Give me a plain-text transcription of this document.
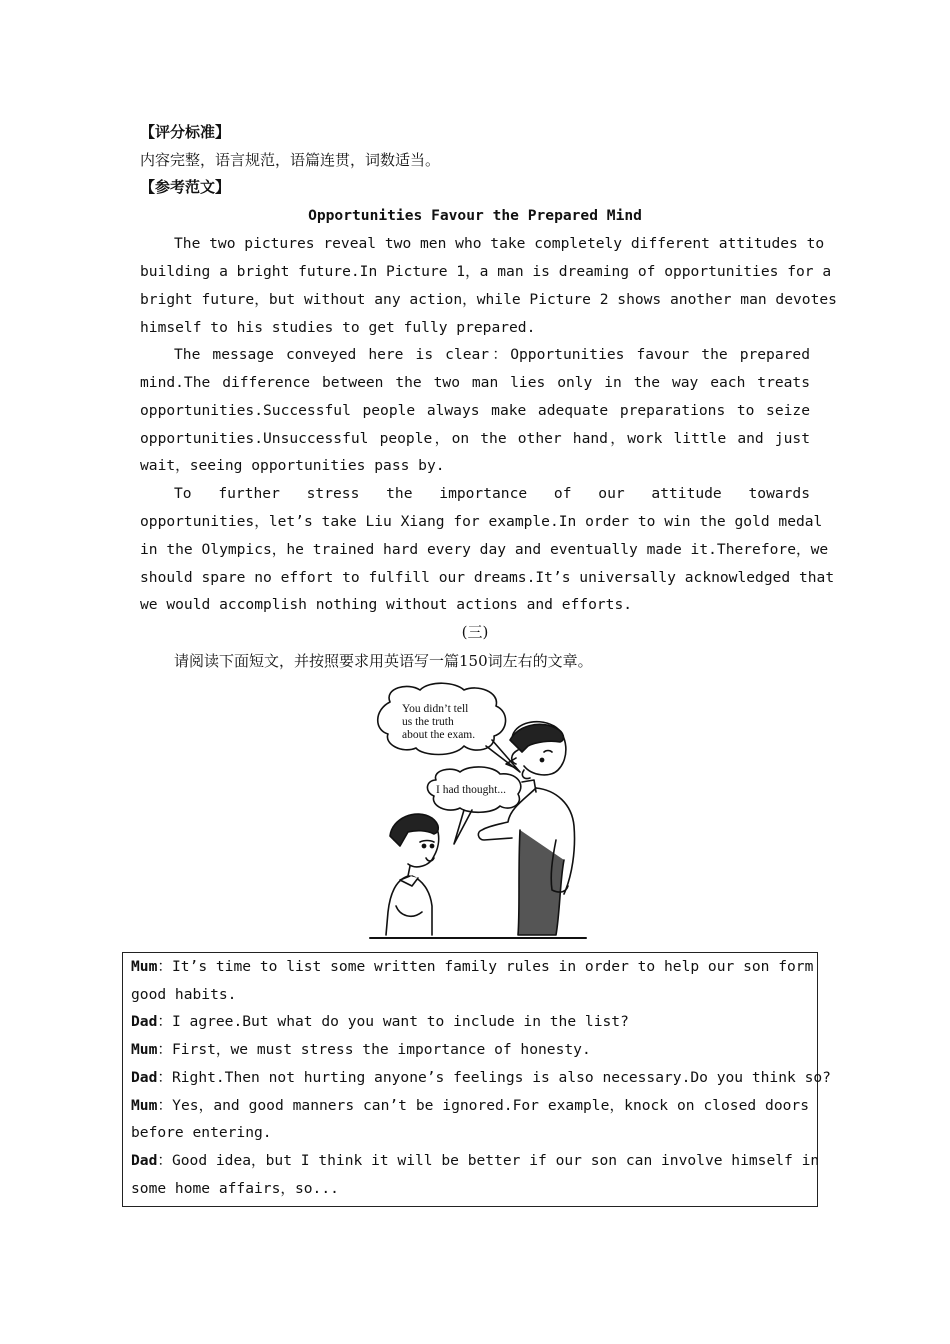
【评分标准】
内容完整，语言规范，语篇连贯，词数适当。
【参考范文】
Opportunities Favour the Prepared Mind
The two pictures reveal two men who take completely different attitudes to
building a bright future.In Picture 1，a man is dreaming of opportunities for a
bright future，but without any action，while Picture 2 shows another man devotes
himself to his studies to get fully prepared.
The message conveyed here is clear：Opportunities favour the prepared
mind.The difference between the two man lies only in the way each treats
opportunities.Successful people always make adequate preparations to seize
opportunities.Unsuccessful people，on the other hand，work little and just
wait，seeing opportunities pass by.
To further stress the importance of our attitude towards
opportunities，let’s take Liu Xiang for example.In order to win the gold medal
in the Olympics，he trained hard every day and eventually made it.Therefore，we
should spare no effort to fulfill our dreams.It’s universally acknowledged that
we would accomplish nothing without actions and efforts.
(三)
请阅读下面短文，并按照要求用英语写一篇150词左右的文章。
You didn’t tell
us the truth
about the exam.
I had thought...
Mum：It’s time to list some written family rules in order to help our son form
good habits.
Dad：I agree.But what do you want to include in the list?
Mum：First，we must stress the importance of honesty.
Dad：Right.Then not hurting anyone’s feelings is also necessary.Do you think so?
Mum：Yes，and good manners can’t be ignored.For example，knock on closed doors
before entering.
Dad：Good idea，but I think it will be better if our son can involve himself in
some home affairs，so...
